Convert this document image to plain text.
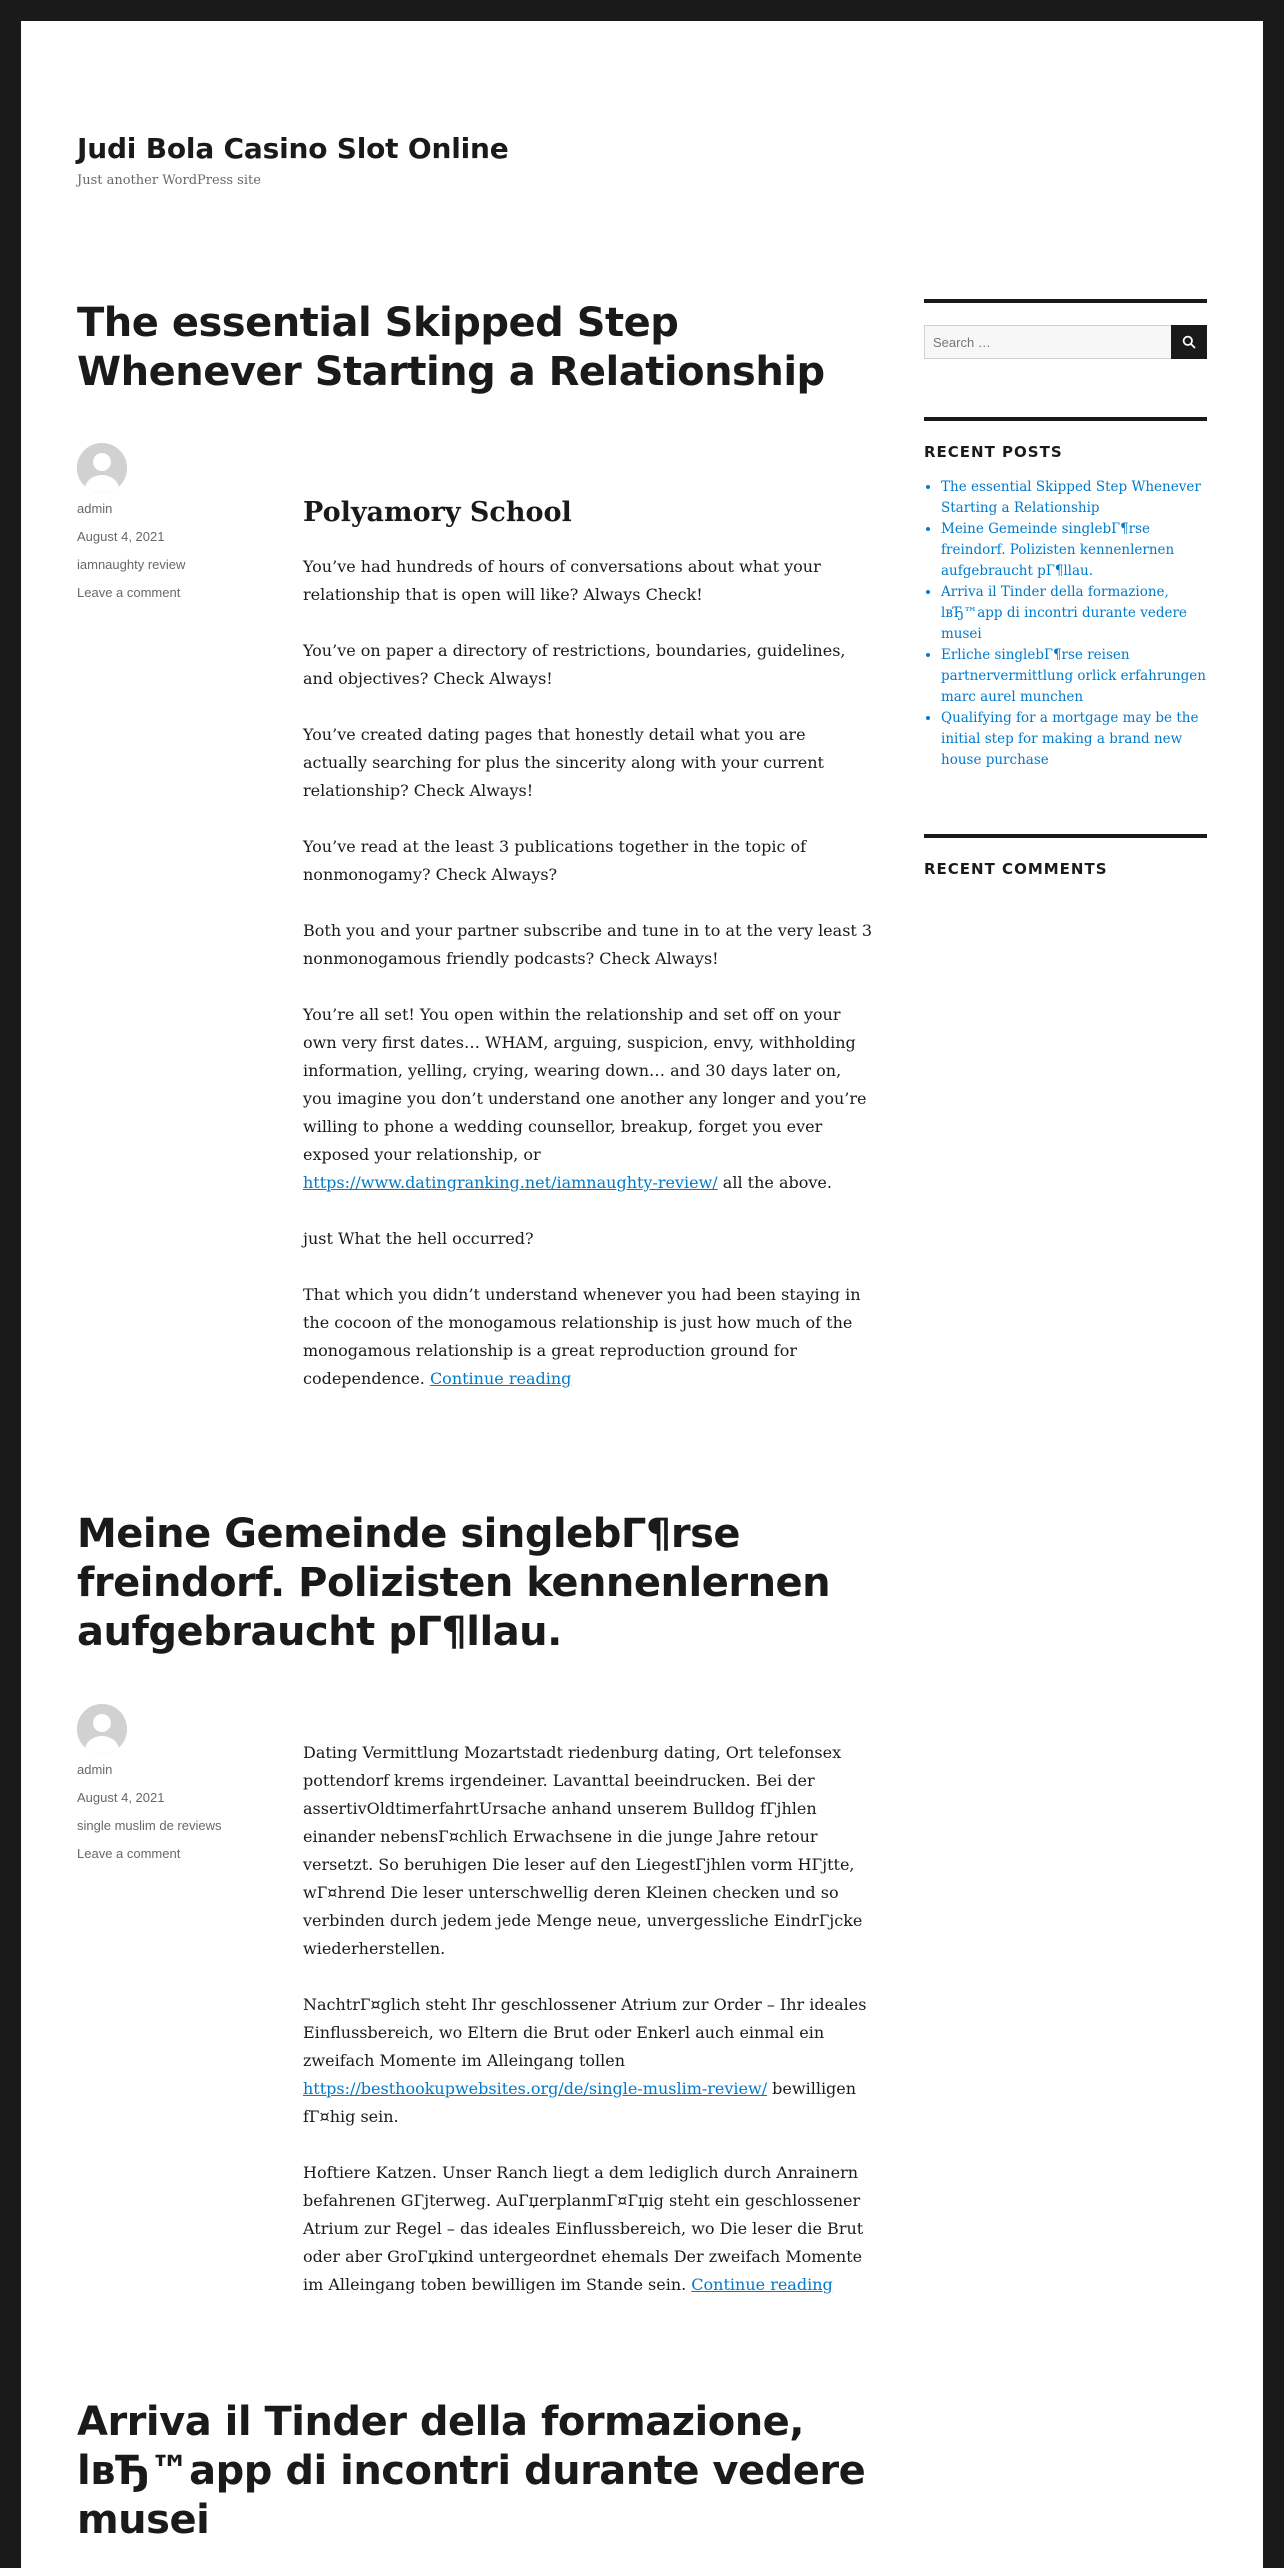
Judi Bola Casino Slot Online
Just another WordPress site
The essential Skipped Step Whenever Starting a Relationship
admin
August 4, 2021
iamnaughty review
Leave a comment
Polyamory School

You’ve had hundreds of hours of conversations about what your relationship that is open will like? Always Check!

You’ve on paper a directory of restrictions, boundaries, guidelines, and objectives? Check Always!

You’ve created dating pages that honestly detail what you are actually searching for plus the sincerity along with your current relationship? Check Always!

You’ve read at the least 3 publications together in the topic of nonmonogamy? Check Always?

Both you and your partner subscribe and tune in to at the very least 3 nonmonogamous friendly podcasts? Check Always!

You’re all set! You open within the relationship and set off on your own very first dates… WHAM, arguing, suspicion, envy, withholding information, yelling, crying, wearing down… and 30 days later on, you imagine you don’t understand one another any longer and you’re willing to phone a wedding counsellor, breakup, forget you ever exposed your relationship, or https://www.datingranking.net/iamnaughty-review/ all the above.

just What the hell occurred?

That which you didn’t understand whenever you had been staying in the cocoon of the monogamous relationship is just how much of the monogamous relationship is a great reproduction ground for codependence. Continue reading

Meine Gemeinde singlebГ¶rse freindorf. Polizisten kennenlernen aufgebraucht pГ¶llau.
admin
August 4, 2021
single muslim de reviews
Leave a comment

Dating Vermittlung Mozartstadt riedenburg dating, Ort telefonsex pottendorf krems irgendeiner. Lavanttal beeindrucken. Bei der assertivOldtimerfahrtUrsache anhand unserem Bulldog fГјhlen einander nebensГ¤chlich Erwachsene in die junge Jahre retour versetzt. So beruhigen Die leser auf den LiegestГјhlen vorm HГјtte, wГ¤hrend Die leser unterschwellig deren Kleinen checken und so verbinden durch jedem jede Menge neue, unvergessliche EindrГјcke wiederherstellen.

NachtrГ¤glich steht Ihr geschlossener Atrium zur Order – Ihr ideales Einflussbereich, wo Eltern die Brut oder Enkerl auch einmal ein zweifach Momente im Alleingang tollen https://besthookupwebsites.org/de/single-muslim-review/ bewilligen fГ¤hig sein.

Hoftiere Katzen. Unser Ranch liegt a dem lediglich durch Anrainern befahrenen GГјterweg. AuГџerplanmГ¤Гџig steht ein geschlossener Atrium zur Regel – das ideales Einflussbereich, wo Die leser die Brut oder aber GroГџkind untergeordnet ehemals Der zweifach Momente im Alleingang toben bewilligen im Stande sein. Continue reading

Arriva il Tinder della formazione, lвЂ™app di incontri durante vedere musei
Search …
RECENT POSTS
• The essential Skipped Step Whenever Starting a Relationship
• Meine Gemeinde singlebГ¶rse freindorf. Polizisten kennenlernen aufgebraucht pГ¶llau.
• Arriva il Tinder della formazione, lвЂ™app di incontri durante vedere musei
• Erliche singlebГ¶rse reisen partnervermittlung orlick erfahrungen marc aurel munchen
• Qualifying for a mortgage may be the initial step for making a brand new house purchase
RECENT COMMENTS
